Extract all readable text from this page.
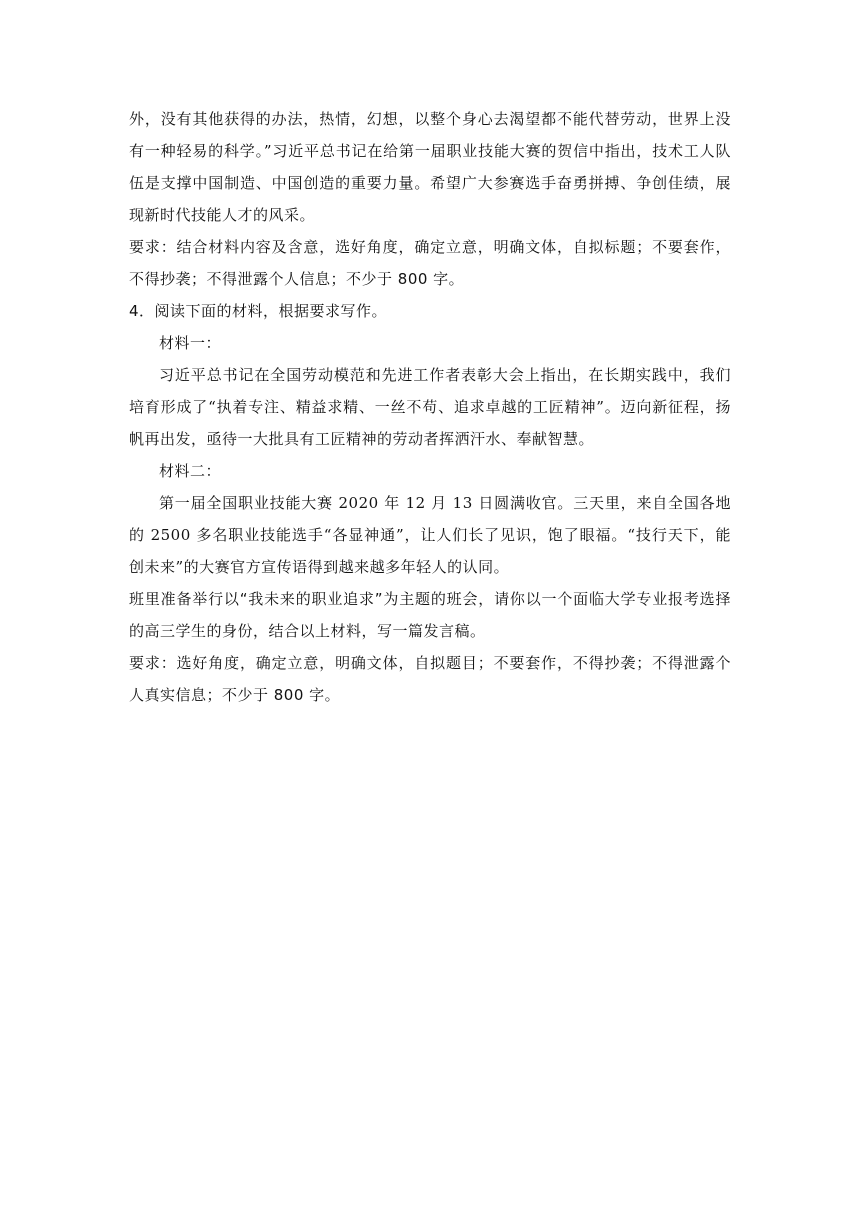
外，没有其他获得的办法，热情，幻想，以整个身心去渴望都不能代替劳动，世界上没有一种轻易的科学。”习近平总书记在给第一届职业技能大赛的贺信中指出，技术工人队伍是支撑中国制造、中国创造的重要力量。希望广大参赛选手奋勇拼搏、争创佳绩，展现新时代技能人才的风采。

要求：结合材料内容及含意，选好角度，确定立意，明确文体，自拟标题；不要套作，不得抄袭；不得泄露个人信息；不少于 800 字。

4．阅读下面的材料，根据要求写作。

材料一：

习近平总书记在全国劳动模范和先进工作者表彰大会上指出，在长期实践中，我们培育形成了“执着专注、精益求精、一丝不苟、追求卓越的工匠精神”。迈向新征程，扬帆再出发，亟待一大批具有工匠精神的劳动者挥洒汗水、奉献智慧。

材料二：

第一届全国职业技能大赛 2020 年 12 月 13 日圆满收官。三天里，来自全国各地的 2500 多名职业技能选手“各显神通”，让人们长了见识，饱了眼福。“技行天下，能创未来”的大赛官方宣传语得到越来越多年轻人的认同。

班里准备举行以“我未来的职业追求”为主题的班会，请你以一个面临大学专业报考选择的高三学生的身份，结合以上材料，写一篇发言稿。

要求：选好角度，确定立意，明确文体，自拟题目；不要套作，不得抄袭；不得泄露个人真实信息；不少于 800 字。
